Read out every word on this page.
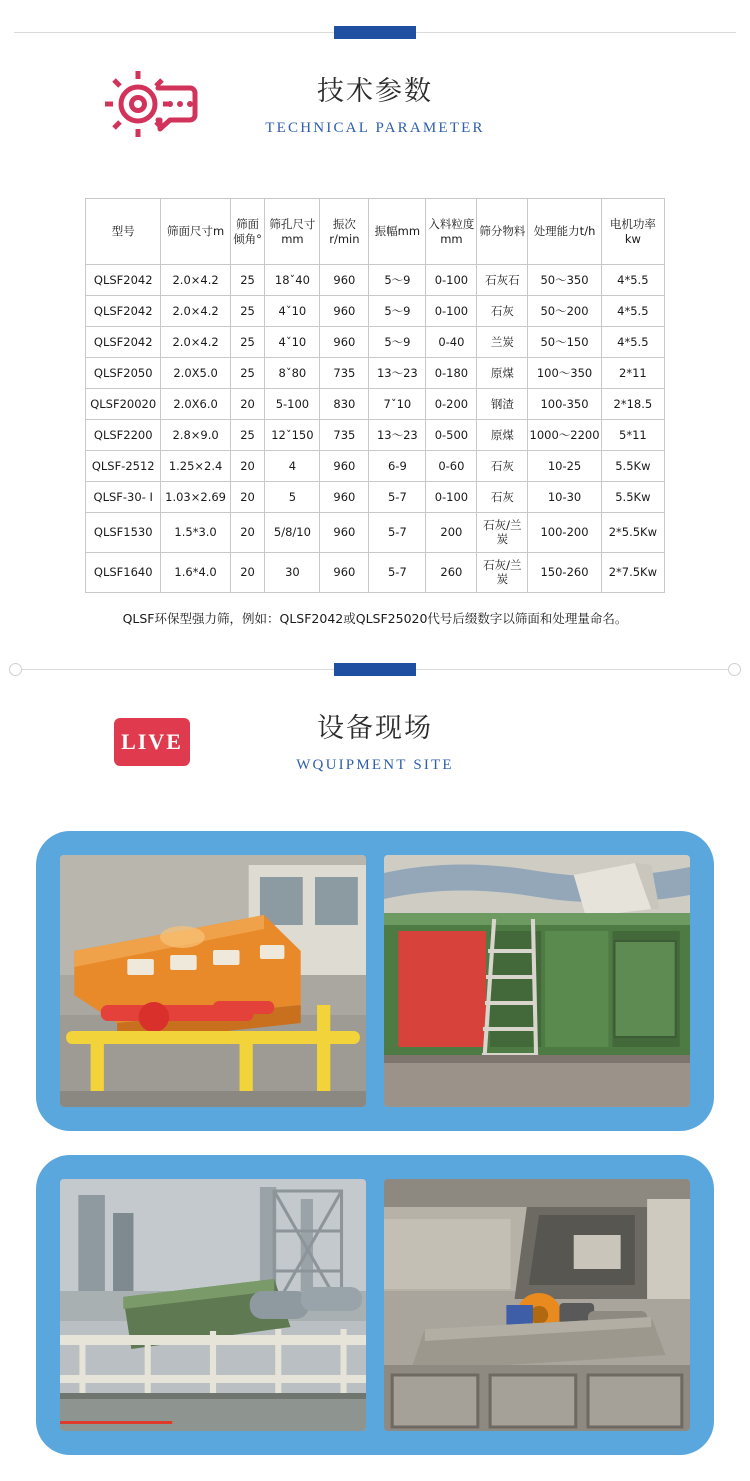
技术参数
TECHNICAL PARAMETER
型号	筛面尺寸m	筛面倾角°	筛孔尺寸mm	振次r/min	振幅mm	入料粒度mm	筛分物料	处理能力t/h	电机功率kw
QLSF2042	2.0×4.2	25	18ˇ40	960	5～9	0-100	石灰石	50～350	4*5.5
QLSF2042	2.0×4.2	25	4ˇ10	960	5～9	0-100	石灰	50～200	4*5.5
QLSF2042	2.0×4.2	25	4ˇ10	960	5～9	0-40	兰炭	50～150	4*5.5
QLSF2050	2.0X5.0	25	8ˇ80	735	13～23	0-180	原煤	100～350	2*11
QLSF20020	2.0X6.0	20	5-100	830	7ˇ10	0-200	钢渣	100-350	2*18.5
QLSF2200	2.8×9.0	25	12ˇ150	735	13～23	0-500	原煤	1000～2200	5*11
QLSF-2512	1.25×2.4	20	4	960	6-9	0-60	石灰	10-25	5.5Kw
QLSF-30- I	1.03×2.69	20	5	960	5-7	0-100	石灰	10-30	5.5Kw
QLSF1530	1.5*3.0	20	5/8/10	960	5-7	200	石灰/兰炭	100-200	2*5.5Kw
QLSF1640	1.6*4.0	20	30	960	5-7	260	石灰/兰炭	150-260	2*7.5Kw
QLSF环保型强力筛，例如：QLSF2042或QLSF25020代号后缀数字以筛面和处理量命名。
LIVE	设备现场
WQUIPMENT SITE
